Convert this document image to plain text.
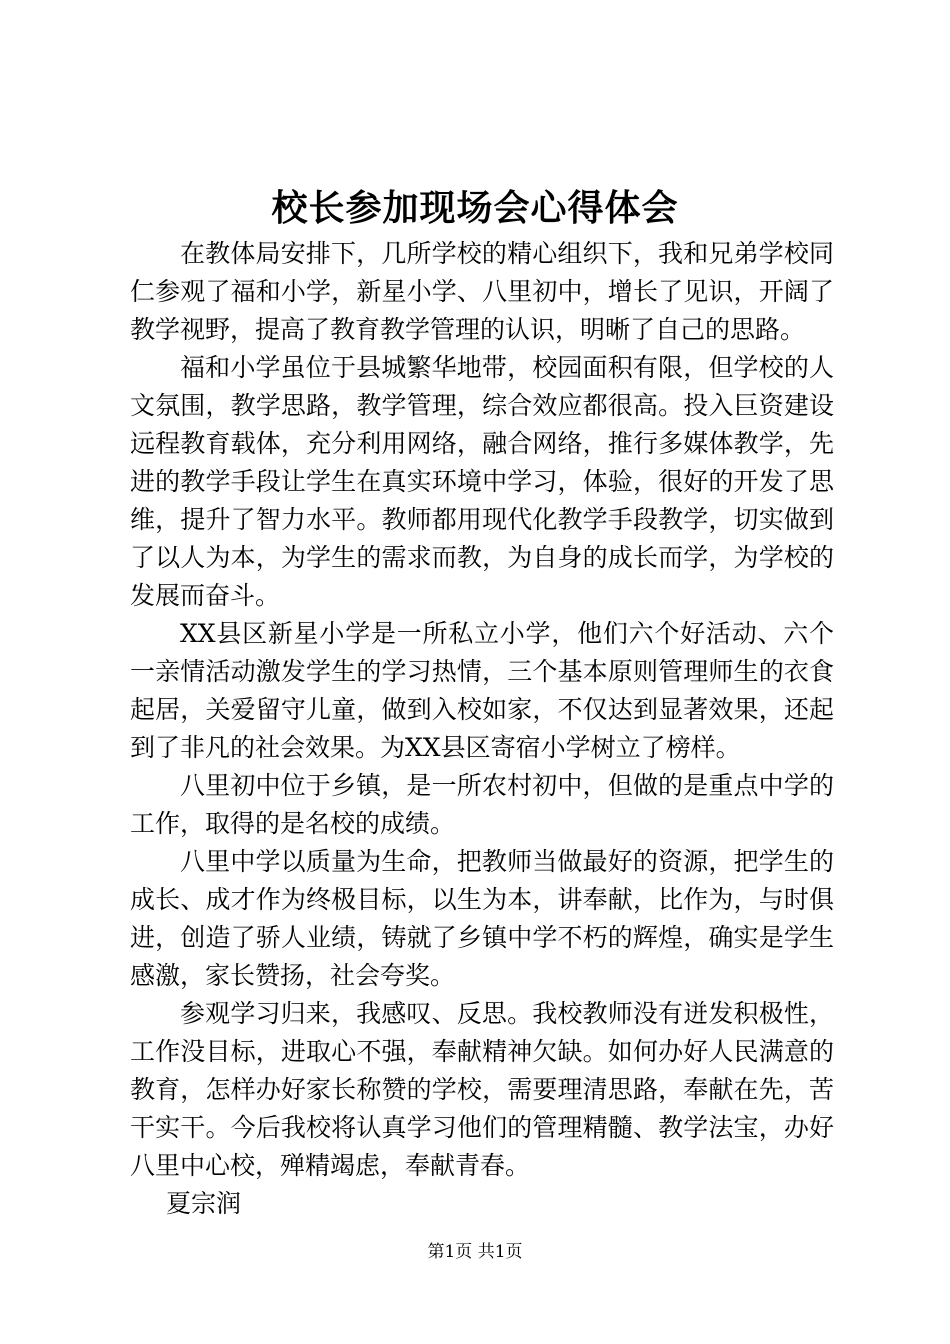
校长参加现场会心得体会

在教体局安排下，几所学校的精心组织下，我和兄弟学校同仁参观了福和小学，新星小学、八里初中，增长了见识，开阔了教学视野，提高了教育教学管理的认识，明晰了自己的思路。

福和小学虽位于县城繁华地带，校园面积有限，但学校的人文氛围，教学思路，教学管理，综合效应都很高。投入巨资建设远程教育载体，充分利用网络，融合网络，推行多媒体教学，先进的教学手段让学生在真实环境中学习，体验，很好的开发了思维，提升了智力水平。教师都用现代化教学手段教学，切实做到了以人为本，为学生的需求而教，为自身的成长而学，为学校的发展而奋斗。

XX县区新星小学是一所私立小学，他们六个好活动、六个一亲情活动激发学生的学习热情，三个基本原则管理师生的衣食起居，关爱留守儿童，做到入校如家，不仅达到显著效果，还起到了非凡的社会效果。为XX县区寄宿小学树立了榜样。

八里初中位于乡镇，是一所农村初中，但做的是重点中学的工作，取得的是名校的成绩。

八里中学以质量为生命，把教师当做最好的资源，把学生的成长、成才作为终极目标，以生为本，讲奉献，比作为，与时俱进，创造了骄人业绩，铸就了乡镇中学不朽的辉煌，确实是学生感激，家长赞扬，社会夸奖。

参观学习归来，我感叹、反思。我校教师没有迸发积极性，工作没目标，进取心不强，奉献精神欠缺。如何办好人民满意的教育，怎样办好家长称赞的学校，需要理清思路，奉献在先，苦干实干。今后我校将认真学习他们的管理精髓、教学法宝，办好八里中心校，殚精竭虑，奉献青春。

夏宗润

第1页 共1页
